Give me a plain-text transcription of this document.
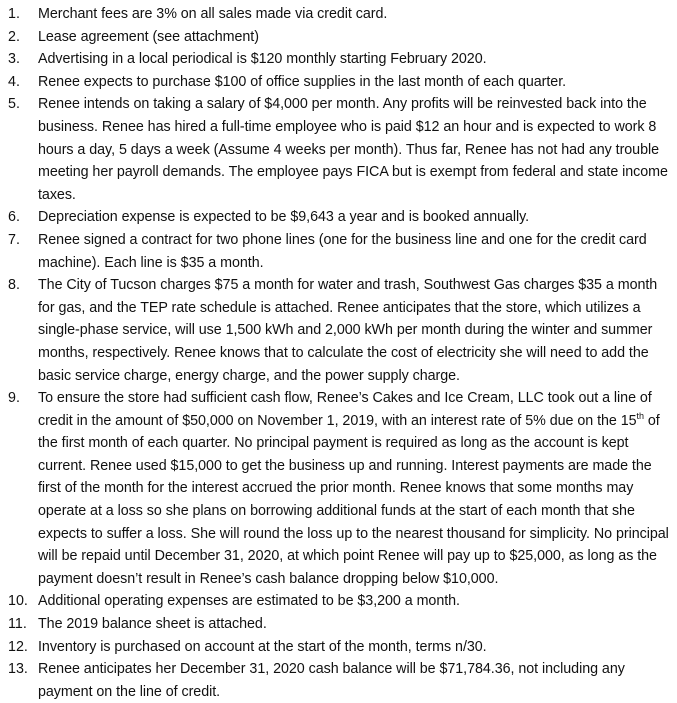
1.	Merchant fees are 3% on all sales made via credit card.
2.	Lease agreement (see attachment)
3.	Advertising in a local periodical is $120 monthly starting February 2020.
4.	Renee expects to purchase $100 of office supplies in the last month of each quarter.
5.	Renee intends on taking a salary of $4,000 per month. Any profits will be reinvested back into the business. Renee has hired a full-time employee who is paid $12 an hour and is expected to work 8 hours a day, 5 days a week (Assume 4 weeks per month). Thus far, Renee has not had any trouble meeting her payroll demands. The employee pays FICA but is exempt from federal and state income taxes.
6.	Depreciation expense is expected to be $9,643 a year and is booked annually.
7.	Renee signed a contract for two phone lines (one for the business line and one for the credit card machine). Each line is $35 a month.
8.	The City of Tucson charges $75 a month for water and trash, Southwest Gas charges $35 a month for gas, and the TEP rate schedule is attached. Renee anticipates that the store, which utilizes a single-phase service, will use 1,500 kWh and 2,000 kWh per month during the winter and summer months, respectively. Renee knows that to calculate the cost of electricity she will need to add the basic service charge, energy charge, and the power supply charge.
9.	To ensure the store had sufficient cash flow, Renee’s Cakes and Ice Cream, LLC took out a line of credit in the amount of $50,000 on November 1, 2019, with an interest rate of 5% due on the 15th of the first month of each quarter. No principal payment is required as long as the account is kept current. Renee used $15,000 to get the business up and running. Interest payments are made the first of the month for the interest accrued the prior month. Renee knows that some months may operate at a loss so she plans on borrowing additional funds at the start of each month that she expects to suffer a loss. She will round the loss up to the nearest thousand for simplicity. No principal will be repaid until December 31, 2020, at which point Renee will pay up to $25,000, as long as the payment doesn’t result in Renee’s cash balance dropping below $10,000.
10. Additional operating expenses are estimated to be $3,200 a month.
11. The 2019 balance sheet is attached.
12. Inventory is purchased on account at the start of the month, terms n/30.
13. Renee anticipates her December 31, 2020 cash balance will be $71,784.36, not including any payment on the line of credit.
